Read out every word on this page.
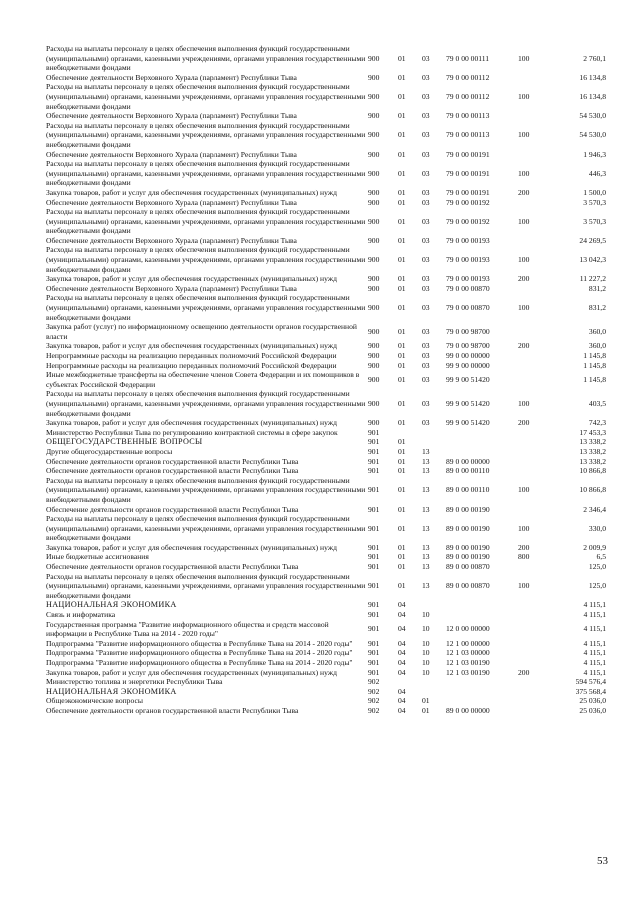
Расходы на выплаты персоналу в целях обеспечения выполнения функций государственными (муниципальными) органами, казенными учреждениями, органами управления государственными внебюджетными фондами	900	01	03	79 0 00 00111	100	2 760,1
Обеспечение деятельности Верховного Хурала (парламент) Республики Тыва	900	01	03	79 0 00 00112		16 134,8
Расходы на выплаты персоналу в целях обеспечения выполнения функций государственными (муниципальными) органами, казенными учреждениями, органами управления государственными внебюджетными фондами	900	01	03	79 0 00 00112	100	16 134,8
Обеспечение деятельности Верховного Хурала (парламент) Республики Тыва	900	01	03	79 0 00 00113		54 530,0
Расходы на выплаты персоналу в целях обеспечения выполнения функций государственными (муниципальными) органами, казенными учреждениями, органами управления государственными внебюджетными фондами	900	01	03	79 0 00 00113	100	54 530,0
Обеспечение деятельности Верховного Хурала (парламент) Республики Тыва	900	01	03	79 0 00 00191		1 946,3
Расходы на выплаты персоналу в целях обеспечения выполнения функций государственными (муниципальными) органами, казенными учреждениями, органами управления государственными внебюджетными фондами	900	01	03	79 0 00 00191	100	446,3
Закупка товаров, работ и услуг для обеспечения государственных (муниципальных) нужд	900	01	03	79 0 00 00191	200	1 500,0
Обеспечение деятельности Верховного Хурала (парламент) Республики Тыва	900	01	03	79 0 00 00192		3 570,3
Расходы на выплаты персоналу в целях обеспечения выполнения функций государственными (муниципальными) органами, казенными учреждениями, органами управления государственными внебюджетными фондами	900	01	03	79 0 00 00192	100	3 570,3
Обеспечение деятельности Верховного Хурала (парламент) Республики Тыва	900	01	03	79 0 00 00193		24 269,5
Расходы на выплаты персоналу в целях обеспечения выполнения функций государственными (муниципальными) органами, казенными учреждениями, органами управления государственными внебюджетными фондами	900	01	03	79 0 00 00193	100	13 042,3
Закупка товаров, работ и услуг для обеспечения государственных (муниципальных) нужд	900	01	03	79 0 00 00193	200	11 227,2
Обеспечение деятельности Верховного Хурала (парламент) Республики Тыва	900	01	03	79 0 00 00870		831,2
Расходы на выплаты персоналу в целях обеспечения выполнения функций государственными (муниципальными) органами, казенными учреждениями, органами управления государственными внебюджетными фондами	900	01	03	79 0 00 00870	100	831,2
Закупка работ (услуг) по информационному освещению деятельности органов государственной власти	900	01	03	79 0 00 98700		360,0
Закупка товаров, работ и услуг для обеспечения государственных (муниципальных) нужд	900	01	03	79 0 00 98700	200	360,0
Непрограммные расходы на реализацию переданных полномочий Российской Федерации	900	01	03	99 0 00 00000		1 145,8
Непрограммные расходы на реализацию переданных полномочий Российской Федерации	900	01	03	99 9 00 00000		1 145,8
Иные межбюджетные трансферты на обеспечение членов Совета Федерации и их помощников в субъектах Российской Федерации	900	01	03	99 9 00 51420		1 145,8
Расходы на выплаты персоналу в целях обеспечения выполнения функций государственными (муниципальными) органами, казенными учреждениями, органами управления государственными внебюджетными фондами	900	01	03	99 9 00 51420	100	403,5
Закупка товаров, работ и услуг для обеспечения государственных (муниципальных) нужд	900	01	03	99 9 00 51420	200	742,3
Министерство Республики Тыва по регулированию контрактной системы в сфере закупок	901					17 453,3
ОБЩЕГОСУДАРСТВЕННЫЕ ВОПРОСЫ	901	01				13 338,2
Другие общегосударственные вопросы	901	01	13			13 338,2
Обеспечение деятельности органов государственной власти Республики Тыва	901	01	13	89 0 00 00000		13 338,2
Обеспечение деятельности органов государственной власти Республики Тыва	901	01	13	89 0 00 00110		10 866,8
Расходы на выплаты персоналу в целях обеспечения выполнения функций государственными (муниципальными) органами, казенными учреждениями, органами управления государственными внебюджетными фондами	901	01	13	89 0 00 00110	100	10 866,8
Обеспечение деятельности органов государственной власти Республики Тыва	901	01	13	89 0 00 00190		2 346,4
Расходы на выплаты персоналу в целях обеспечения выполнения функций государственными (муниципальными) органами, казенными учреждениями, органами управления государственными внебюджетными фондами	901	01	13	89 0 00 00190	100	330,0
Закупка товаров, работ и услуг для обеспечения государственных (муниципальных) нужд	901	01	13	89 0 00 00190	200	2 009,9
Иные бюджетные ассигнования	901	01	13	89 0 00 00190	800	6,5
Обеспечение деятельности органов государственной власти Республики Тыва	901	01	13	89 0 00 00870		125,0
Расходы на выплаты персоналу в целях обеспечения выполнения функций государственными (муниципальными) органами, казенными учреждениями, органами управления государственными внебюджетными фондами	901	01	13	89 0 00 00870	100	125,0
НАЦИОНАЛЬНАЯ ЭКОНОМИКА	901	04				4 115,1
Связь и информатика	901	04	10			4 115,1
Государственная программа "Развитие информационного общества и средств массовой информации в Республике Тыва на 2014 - 2020 годы"	901	04	10	12 0 00 00000		4 115,1
Подпрограмма "Развитие информационного общества в Республике Тыва на 2014 - 2020 годы"	901	04	10	12 1 00 00000		4 115,1
Подпрограмма "Развитие информационного общества в Республике Тыва на 2014 - 2020 годы"	901	04	10	12 1 03 00000		4 115,1
Подпрограмма "Развитие информационного общества в Республике Тыва на 2014 - 2020 годы"	901	04	10	12 1 03 00190		4 115,1
Закупка товаров, работ и услуг для обеспечения государственных (муниципальных) нужд	901	04	10	12 1 03 00190	200	4 115,1
Министерство топлива и энергетики Республики Тыва	902					594 576,4
НАЦИОНАЛЬНАЯ ЭКОНОМИКА	902	04				375 568,4
Общеэкономические вопросы	902	04	01			25 036,0
Обеспечение деятельности органов государственной власти Республики Тыва	902	04	01	89 0 00 00000		25 036,0
53
